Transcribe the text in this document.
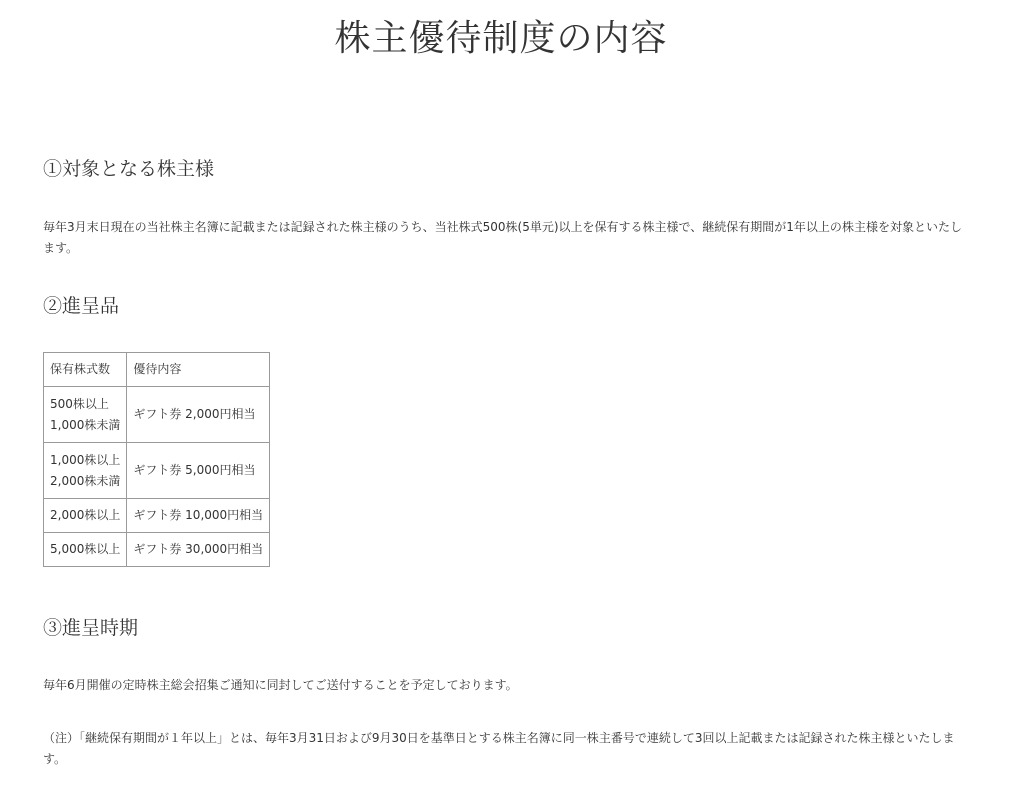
株主優待制度の内容
①対象となる株主様
毎年3月末日現在の当社株主名簿に記載または記録された株主様のうち、当社株式500株(5単元)以上を保有する株主様で、継続保有期間が1年以上の株主様を対象といたします。
②進呈品
保有株式数	優待内容

500株以上
1,000株未満	ギフト券 2,000円相当

1,000株以上
2,000株未満	ギフト券 5,000円相当
2,000株以上	ギフト券 10,000円相当
5,000株以上	ギフト券 30,000円相当
③進呈時期
毎年6月開催の定時株主総会招集ご通知に同封してご送付することを予定しております。
（注）「継続保有期間が１年以上」とは、毎年3月31日および9月30日を基準日とする株主名簿に同一株主番号で連続して3回以上記載または記録された株主様といたします。
